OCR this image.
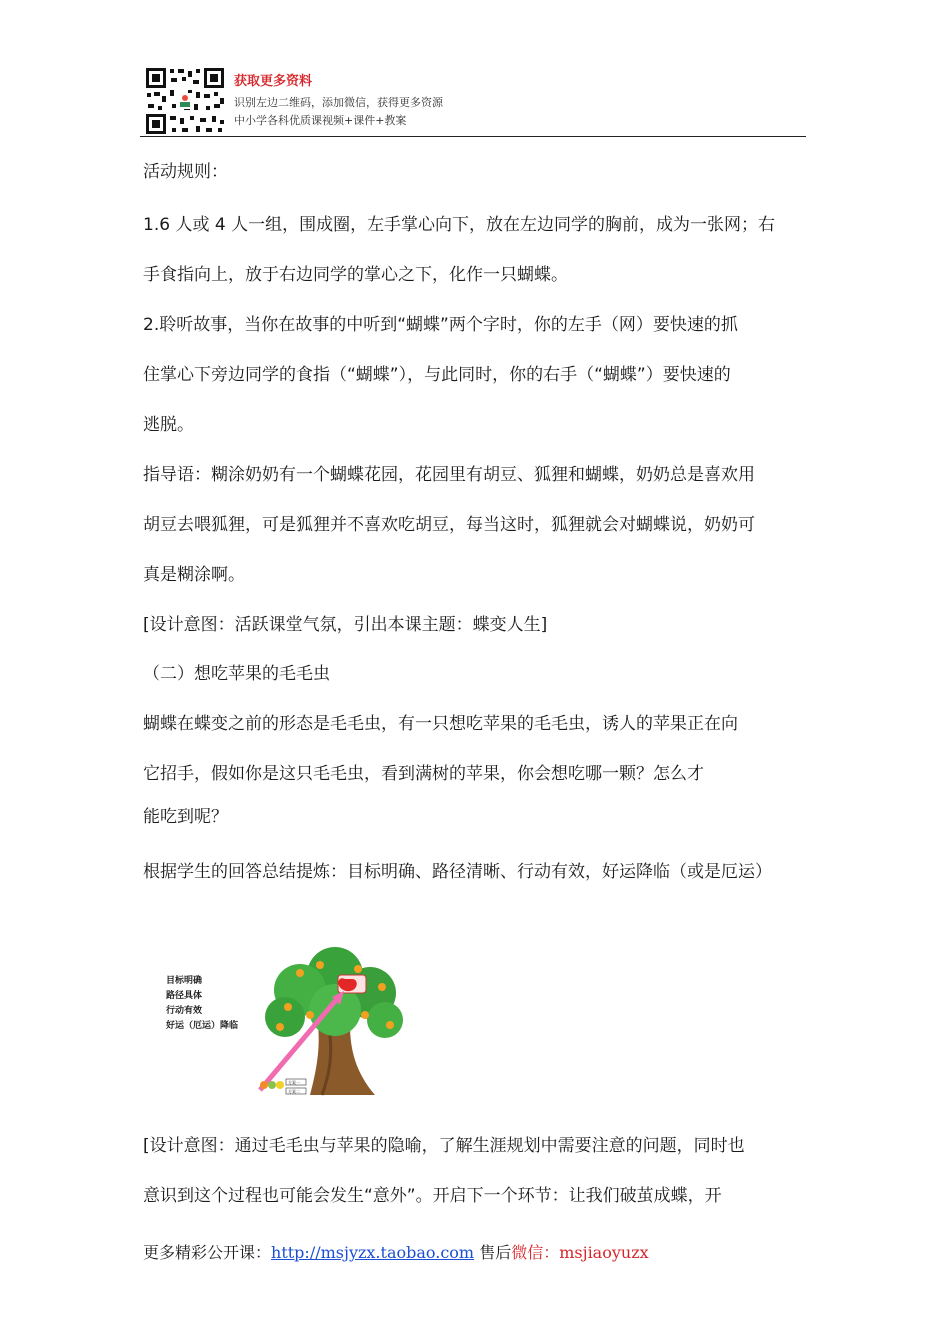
获取更多资料
识别左边二维码，添加微信，获得更多资源
中小学各科优质课视频+课件+教案

活动规则：

1.6 人或 4 人一组，围成圈，左手掌心向下，放在左边同学的胸前，成为一张网；右

手食指向上，放于右边同学的掌心之下，化作一只蝴蝶。

2.聆听故事，当你在故事的中听到“蝴蝶”两个字时，你的左手（网）要快速的抓

住掌心下旁边同学的食指（“蝴蝶”），与此同时，你的右手（“蝴蝶”）要快速的

逃脱。

指导语：糊涂奶奶有一个蝴蝶花园，花园里有胡豆、狐狸和蝴蝶，奶奶总是喜欢用

胡豆去喂狐狸，可是狐狸并不喜欢吃胡豆，每当这时，狐狸就会对蝴蝶说，奶奶可

真是糊涂啊。

[设计意图：活跃课堂气氛，引出本课主题：蝶变人生]

（二）想吃苹果的毛毛虫

蝴蝶在蝶变之前的形态是毛毛虫，有一只想吃苹果的毛毛虫，诱人的苹果正在向

它招手，假如你是这只毛毛虫，看到满树的苹果，你会想吃哪一颗？怎么才

能吃到呢？

根据学生的回答总结提炼：目标明确、路径清晰、行动有效，好运降临（或是厄运）

[设计意图：通过毛毛虫与苹果的隐喻，了解生涯规划中需要注意的问题，同时也

意识到这个过程也可能会发生“意外”。开启下一个环节：让我们破茧成蝶，开

目标明确
路径具体
行动有效
好运（厄运）降临
方案一
方案二
更多精彩公开课：http://msjyzx.taobao.com 售后微信：msjiaoyuzx
